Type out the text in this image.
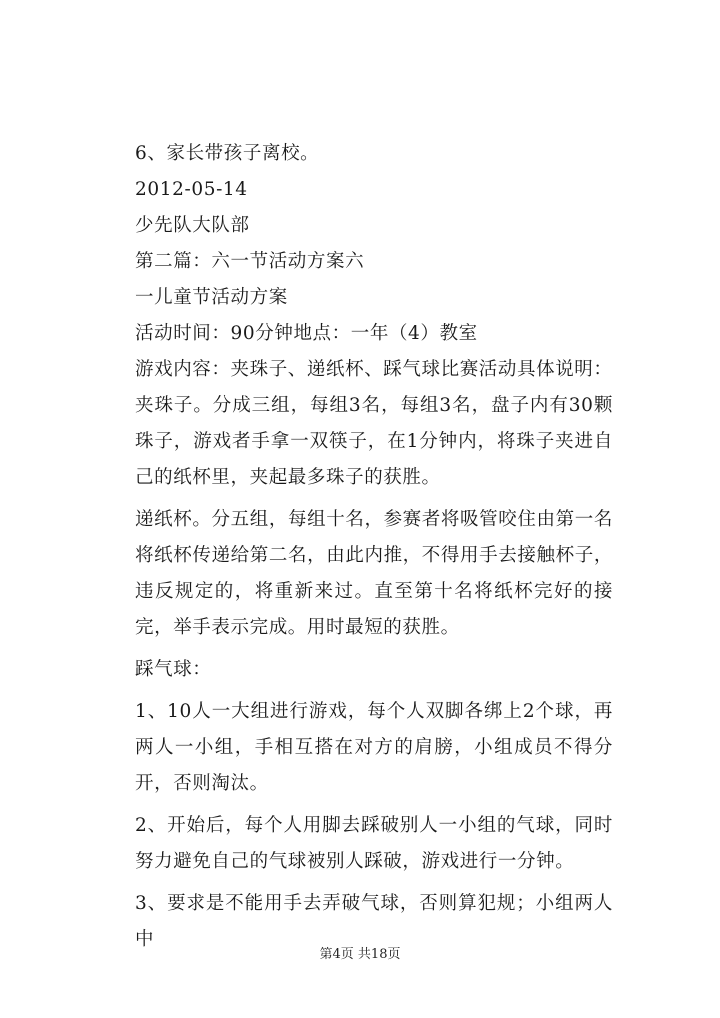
6、家长带孩子离校。

2012-05-14

少先队大队部

第二篇：六一节活动方案六

一儿童节活动方案

活动时间：90分钟地点：一年（4）教室

游戏内容：夹珠子、递纸杯、踩气球比赛活动具体说明：

夹珠子。分成三组，每组3名，每组3名，盘子内有30颗珠子，游戏者手拿一双筷子，在1分钟内，将珠子夹进自己的纸杯里，夹起最多珠子的获胜。

递纸杯。分五组，每组十名，参赛者将吸管咬住由第一名将纸杯传递给第二名，由此内推，不得用手去接触杯子，违反规定的，将重新来过。直至第十名将纸杯完好的接完，举手表示完成。用时最短的获胜。

踩气球：

1、10人一大组进行游戏，每个人双脚各绑上2个球，再两人一小组，手相互搭在对方的肩膀，小组成员不得分开，否则淘汰。

2、开始后，每个人用脚去踩破别人一小组的气球，同时努力避免自己的气球被别人踩破，游戏进行一分钟。

3、要求是不能用手去弄破气球，否则算犯规；小组两人中

第4页 共18页
